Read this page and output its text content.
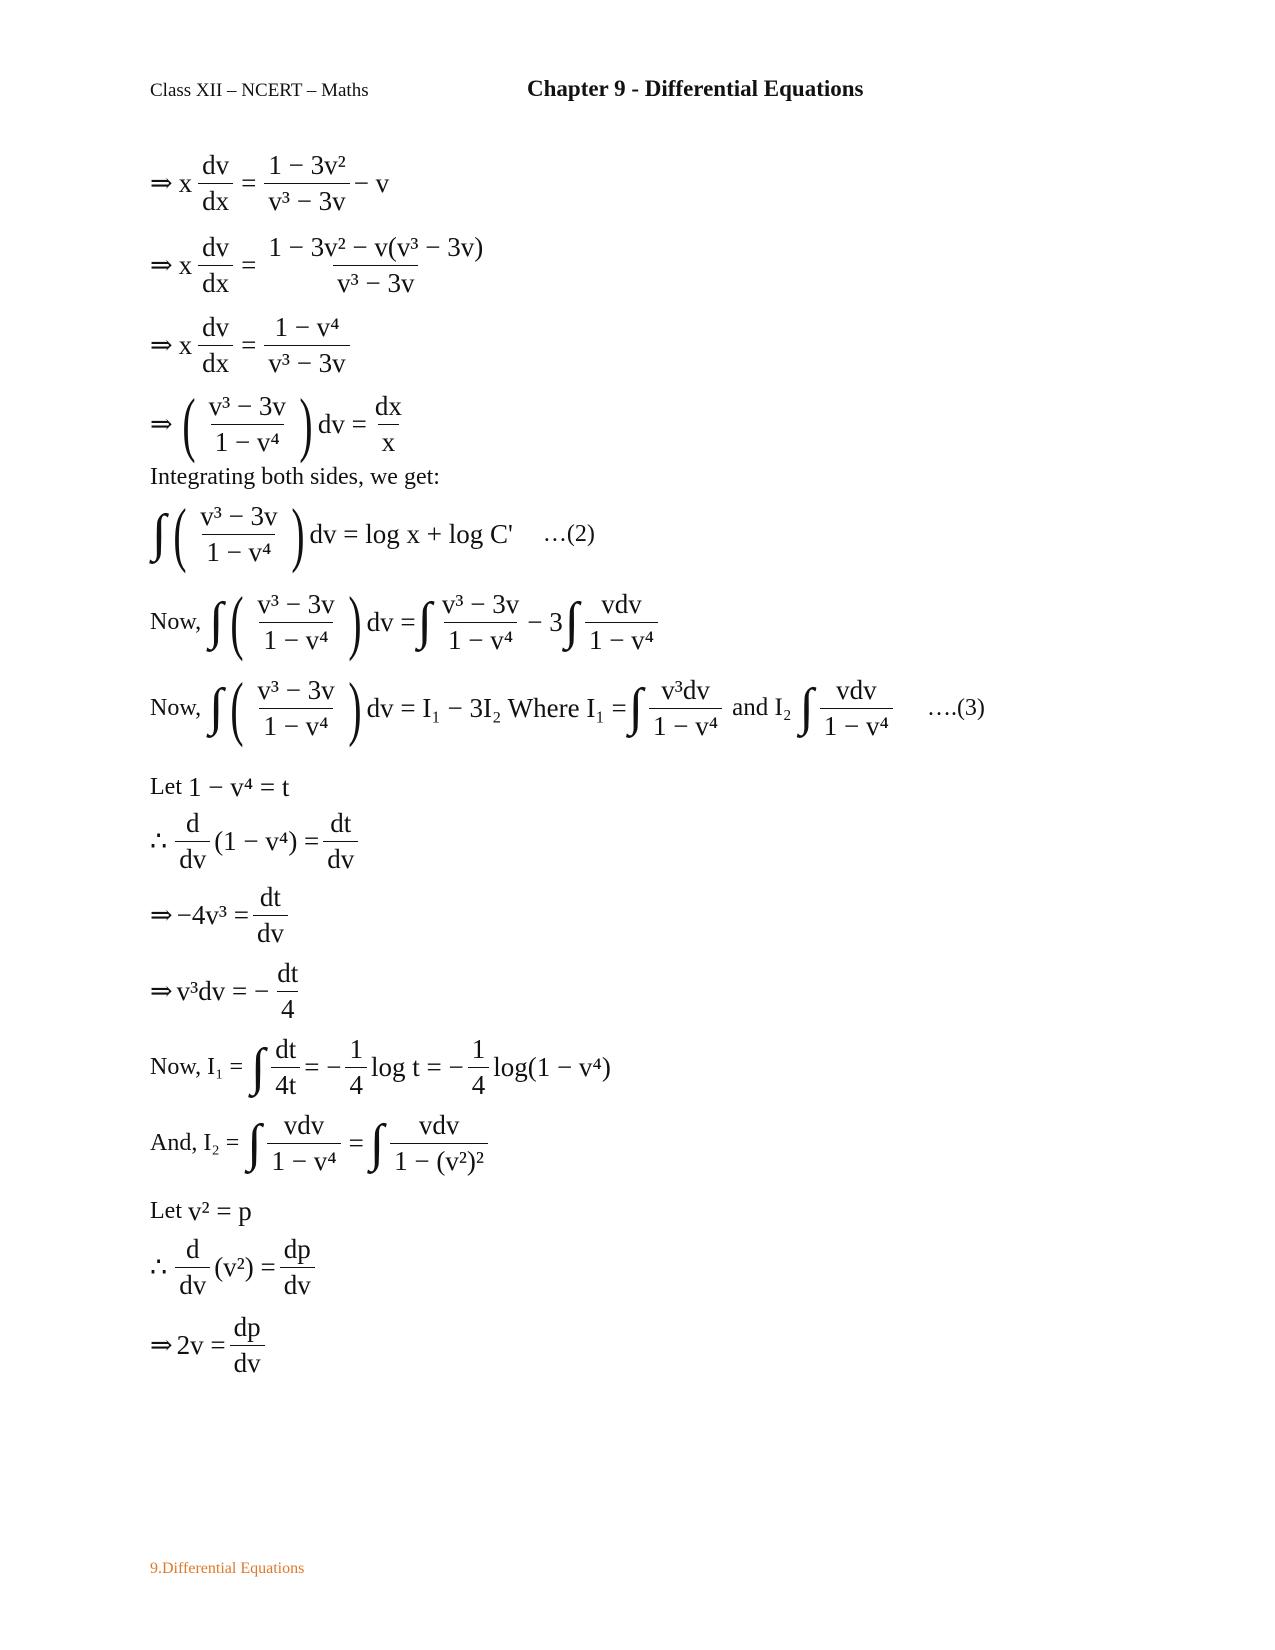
Class XII – NCERT – Maths	Chapter 9 - Differential Equations
⇒ x $\frac{dv}{dx} = \frac{\text{1 − 3v²}}{\text{v³ − 3v}} - v$
⇒ x $\frac{dv}{dx} = \frac{\text{1 − 3v² − v(v³ − 3v)}}{\text{v³ − 3v}}$
⇒ x $\frac{dv}{dx} = \frac{\text{1 − v⁴}}{\text{v³ − 3v}}$
⇒ ( $\frac{\text{v³ − 3v}}{\text{1 − v⁴}}$ ) dv = $\frac{dx}{x}$
Integrating both sides, we get:
∫ ( $\frac{\text{v³ − 3v}}{\text{1 − v⁴}}$ ) dv = log x + log C' …(2)
Now, ∫ ( $\frac{\text{v³ − 3v}}{\text{1 − v⁴}}$ ) dv = ∫ $\frac{\text{v³ − 3v}}{\text{1 − v⁴}} - 3$ ∫ $\frac{\text{vdv}}{\text{1 − v⁴}}$
Now, ∫ ( $\frac{\text{v³ − 3v}}{\text{1 − v⁴}}$ ) dv = I₁ − 3I₂ Where I₁ = ∫ $\frac{\text{v³dv}}{\text{1 − v⁴}}$ and I₂ ∫ $\frac{\text{vdv}}{\text{1 − v⁴}}$ ….(3)
Let 1 − v⁴ = t
∴ $\frac{d}{dv} (1 - v^4) = \frac{dt}{dv}$
⇒ $-4v^3 = \frac{dt}{dv}$
⇒ v³dv = − $\frac{dt}{4}$
Now, I₁ = ∫ $\frac{dt}{4t}$ = − $\frac{1}{4}$ log t = − $\frac{1}{4} \log(1 - v^4)$
And, I₂ = ∫ $\frac{\text{vdv}}{\text{1 − v⁴}}$ = ∫ $\frac{\text{vdv}}{\text{1 − (v²)²}}$
Let v² = p
∴ $\frac{d}{dv} (v^2) = \frac{dp}{dv}$
⇒ $2v = \frac{dp}{dv}$
9.Differential Equations
